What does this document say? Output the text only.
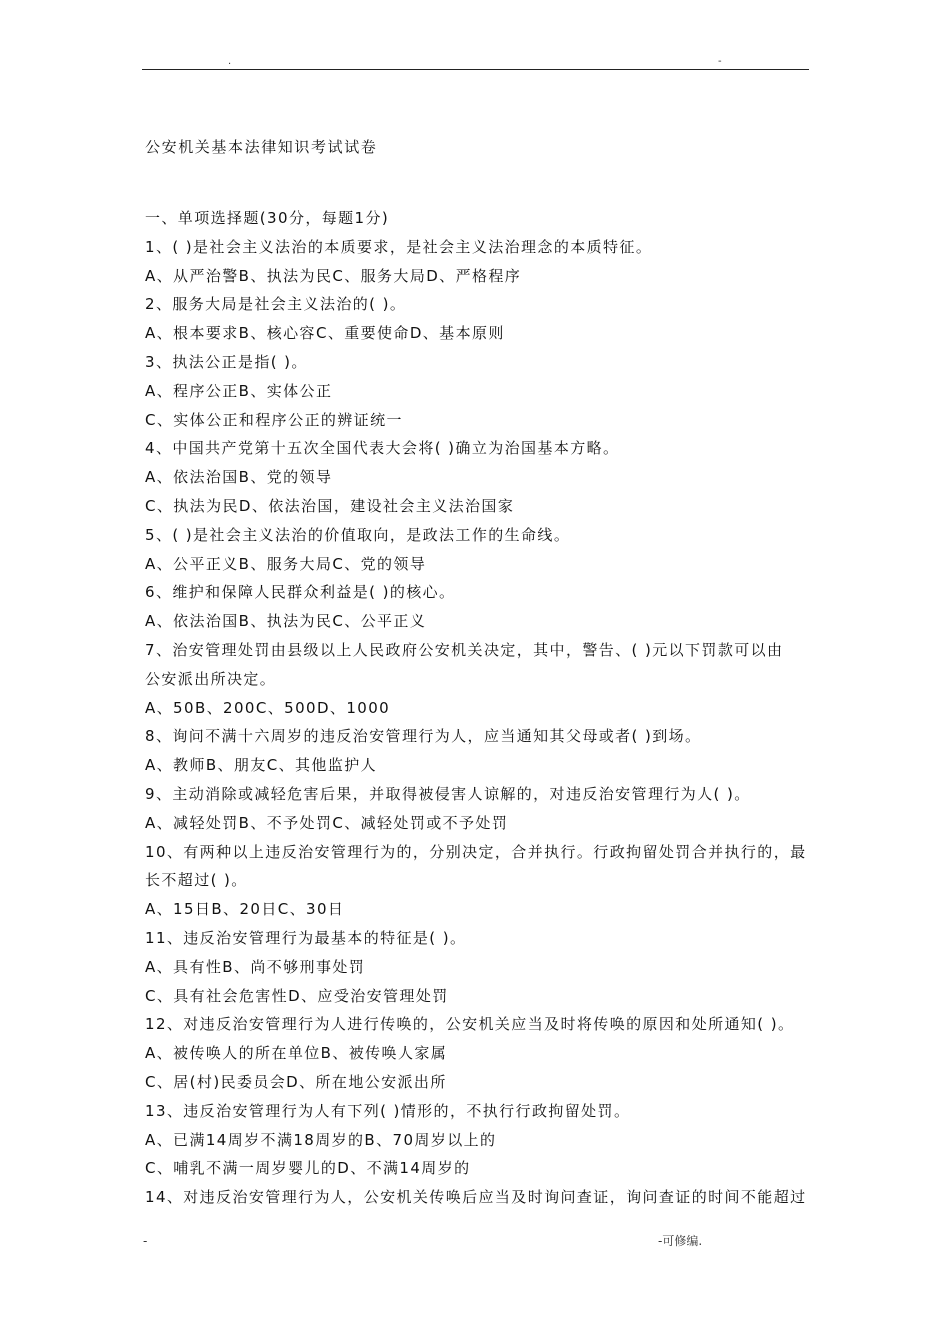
.	-
公安机关基本法律知识考试试卷
一、单项选择题(30分，每题1分)
1、( )是社会主义法治的本质要求，是社会主义法治理念的本质特征。
A、从严治警B、执法为民C、服务大局D、严格程序
2、服务大局是社会主义法治的( )。
A、根本要求B、核心容C、重要使命D、基本原则
3、执法公正是指( )。
A、程序公正B、实体公正
C、实体公正和程序公正的辨证统一
4、中国共产党第十五次全国代表大会将( )确立为治国基本方略。
A、依法治国B、党的领导
C、执法为民D、依法治国，建设社会主义法治国家
5、( )是社会主义法治的价值取向，是政法工作的生命线。
A、公平正义B、服务大局C、党的领导
6、维护和保障人民群众利益是( )的核心。
A、依法治国B、执法为民C、公平正义
7、治安管理处罚由县级以上人民政府公安机关决定，其中，警告、( )元以下罚款可以由
公安派出所决定。
A、50B、200C、500D、1000
8、询问不满十六周岁的违反治安管理行为人，应当通知其父母或者( )到场。
A、教师B、朋友C、其他监护人
9、主动消除或减轻危害后果，并取得被侵害人谅解的，对违反治安管理行为人( )。
A、减轻处罚B、不予处罚C、减轻处罚或不予处罚
10、有两种以上违反治安管理行为的，分别决定，合并执行。行政拘留处罚合并执行的，最
长不超过( )。
A、15日B、20日C、30日
11、违反治安管理行为最基本的特征是( )。
A、具有性B、尚不够刑事处罚
C、具有社会危害性D、应受治安管理处罚
12、对违反治安管理行为人进行传唤的，公安机关应当及时将传唤的原因和处所通知( )。
A、被传唤人的所在单位B、被传唤人家属
C、居(村)民委员会D、所在地公安派出所
13、违反治安管理行为人有下列( )情形的，不执行行政拘留处罚。
A、已满14周岁不满18周岁的B、70周岁以上的
C、哺乳不满一周岁婴儿的D、不满14周岁的
14、对违反治安管理行为人，公安机关传唤后应当及时询问查证，询问查证的时间不能超过
-	-可修编.
